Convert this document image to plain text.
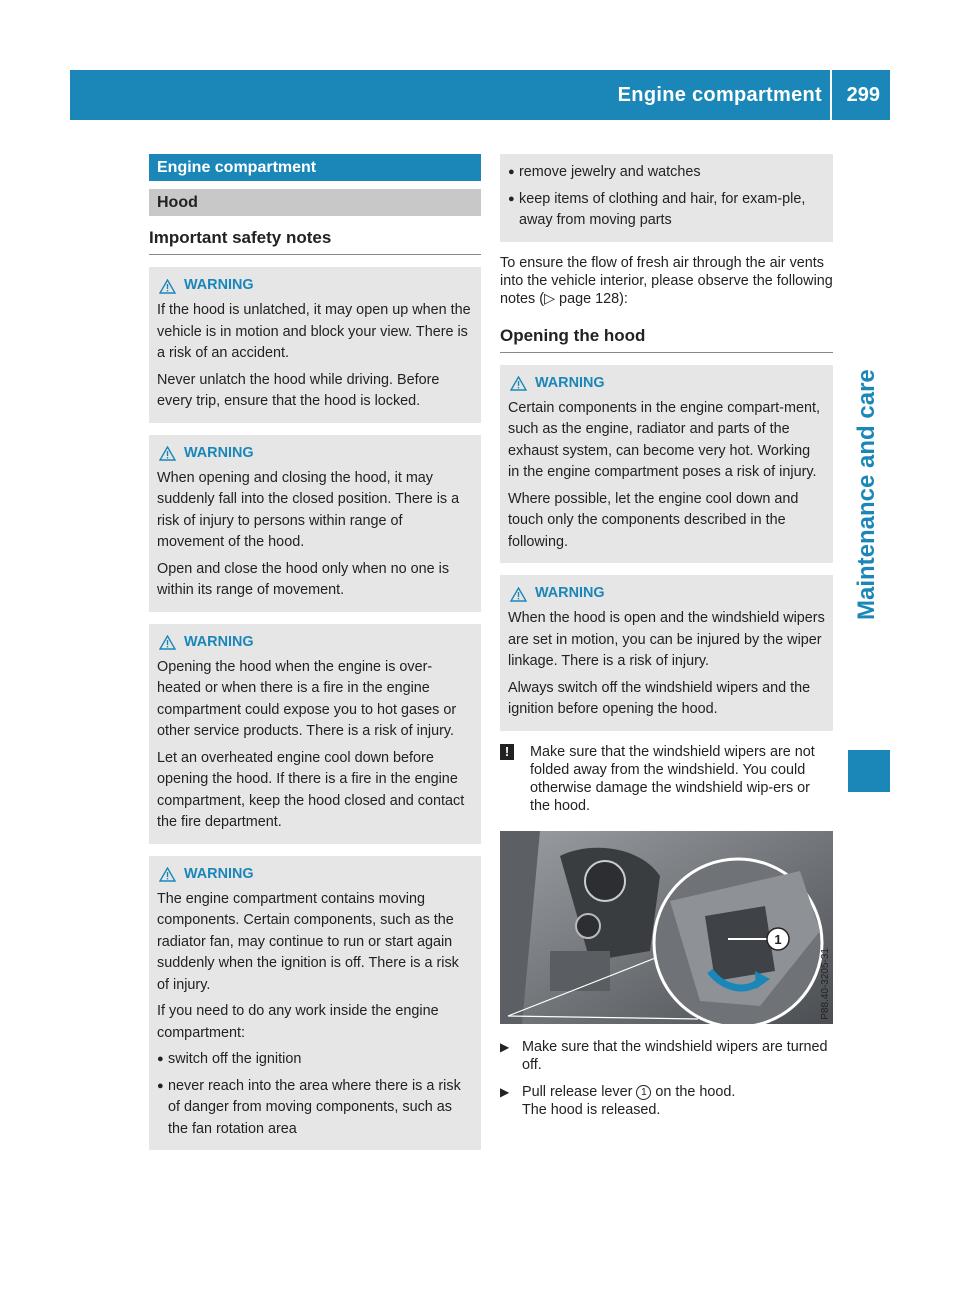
Engine compartment 299
Maintenance and care
Engine compartment
Hood
Important safety notes
WARNING

If the hood is unlatched, it may open up when the vehicle is in motion and block your view. There is a risk of an accident.

Never unlatch the hood while driving. Before every trip, ensure that the hood is locked.

WARNING

When opening and closing the hood, it may suddenly fall into the closed position. There is a risk of injury to persons within range of movement of the hood.

Open and close the hood only when no one is within its range of movement.

WARNING

Opening the hood when the engine is over-heated or when there is a fire in the engine compartment could expose you to hot gases or other service products. There is a risk of injury.

Let an overheated engine cool down before opening the hood. If there is a fire in the engine compartment, keep the hood closed and contact the fire department.

WARNING

The engine compartment contains moving components. Certain components, such as the radiator fan, may continue to run or start again suddenly when the ignition is off. There is a risk of injury.

If you need to do any work inside the engine compartment:

● switch off the ignition
● never reach into the area where there is a risk of danger from moving components, such as the fan rotation area
● remove jewelry and watches
● keep items of clothing and hair, for exam-ple, away from moving parts

To ensure the flow of fresh air through the air vents into the vehicle interior, please observe the following notes (▷ page 128):

Opening the hood
WARNING

Certain components in the engine compart-ment, such as the engine, radiator and parts of the exhaust system, can become very hot. Working in the engine compartment poses a risk of injury.

Where possible, let the engine cool down and touch only the components described in the following.

WARNING

When the hood is open and the windshield wipers are set in motion, you can be injured by the wiper linkage. There is a risk of injury.

Always switch off the windshield wipers and the ignition before opening the hood.

!	Make sure that the windshield wipers are not folded away from the windshield. You could otherwise damage the windshield wip-ers or the hood.
1
P88.40-3205-31
▶ Make sure that the windshield wipers are turned off.
▶ Pull release lever 1 on the hood.
The hood is released.
